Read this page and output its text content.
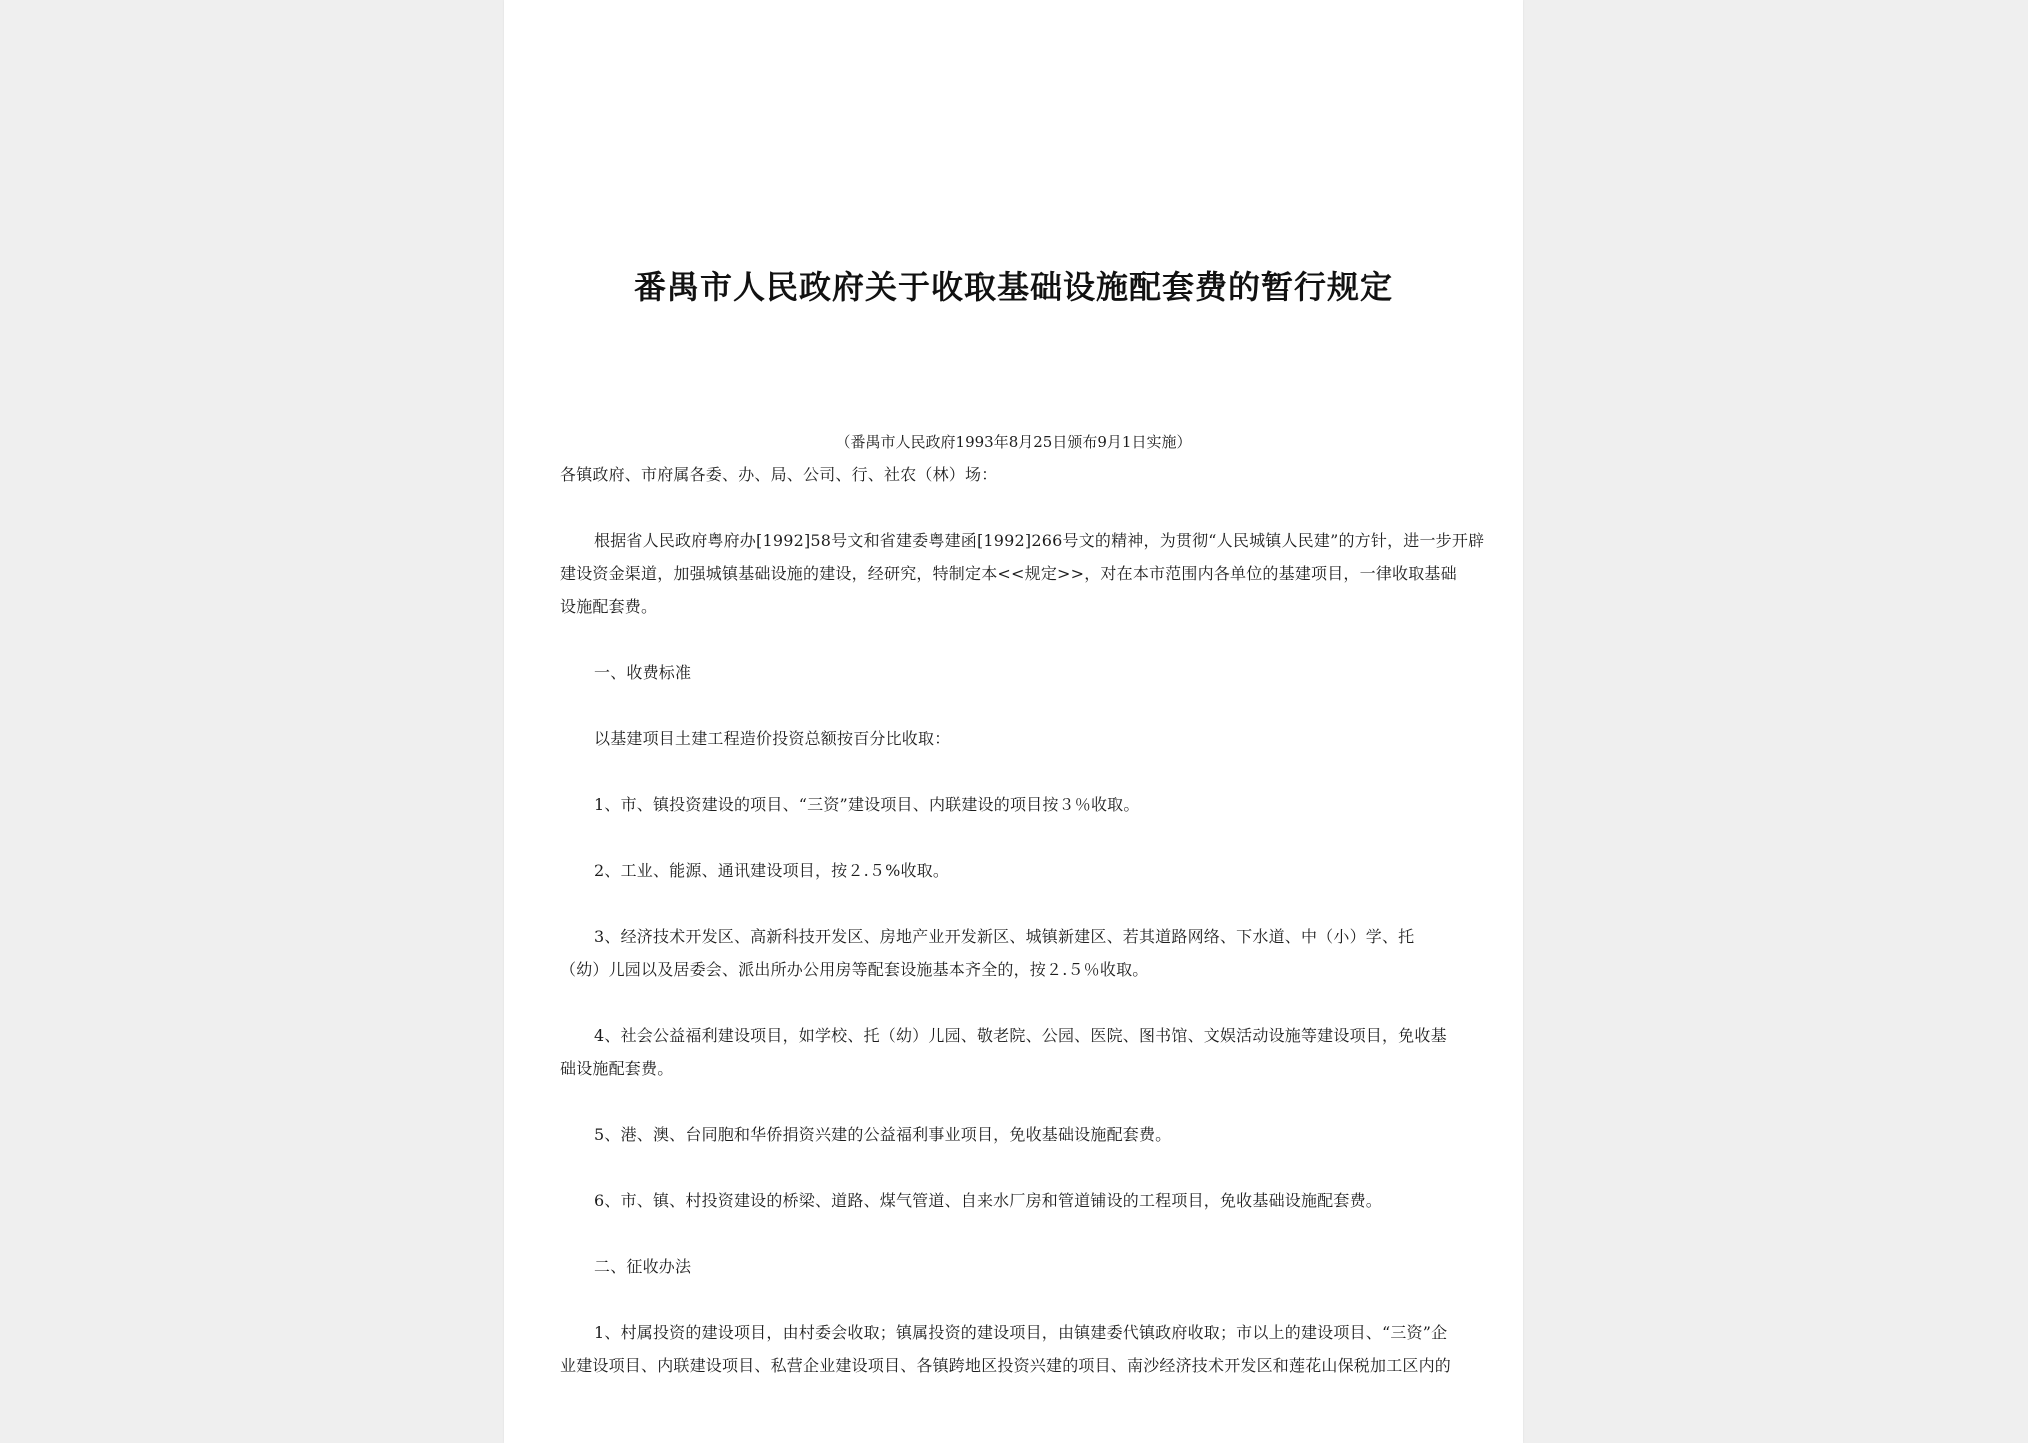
番禺市人民政府关于收取基础设施配套费的暂行规定
（番禺市人民政府1993年8月25日颁布9月1日实施）
各镇政府、市府属各委、办、局、公司、行、社农（林）场：
根据省人民政府粤府办[1992]58号文和省建委粤建函[1992]266号文的精神，为贯彻“人民城镇人民建”的方针，进一步开辟
建设资金渠道，加强城镇基础设施的建设，经研究，特制定本<<规定>>，对在本市范围内各单位的基建项目，一律收取基础
设施配套费。
一、收费标准
以基建项目土建工程造价投资总额按百分比收取：
1、市、镇投资建设的项目、“三资”建设项目、内联建设的项目按３％收取。
2、工业、能源、通讯建设项目，按２.５%收取。
3、经济技术开发区、高新科技开发区、房地产业开发新区、城镇新建区、若其道路网络、下水道、中（小）学、托
（幼）儿园以及居委会、派出所办公用房等配套设施基本齐全的，按２.５％收取。
4、社会公益福利建设项目，如学校、托（幼）儿园、敬老院、公园、医院、图书馆、文娱活动设施等建设项目，免收基
础设施配套费。
5、港、澳、台同胞和华侨捐资兴建的公益福利事业项目，免收基础设施配套费。
6、市、镇、村投资建设的桥梁、道路、煤气管道、自来水厂房和管道铺设的工程项目，免收基础设施配套费。
二、征收办法
1、村属投资的建设项目，由村委会收取；镇属投资的建设项目，由镇建委代镇政府收取；市以上的建设项目、“三资”企
业建设项目、内联建设项目、私营企业建设项目、各镇跨地区投资兴建的项目、南沙经济技术开发区和莲花山保税加工区内的
